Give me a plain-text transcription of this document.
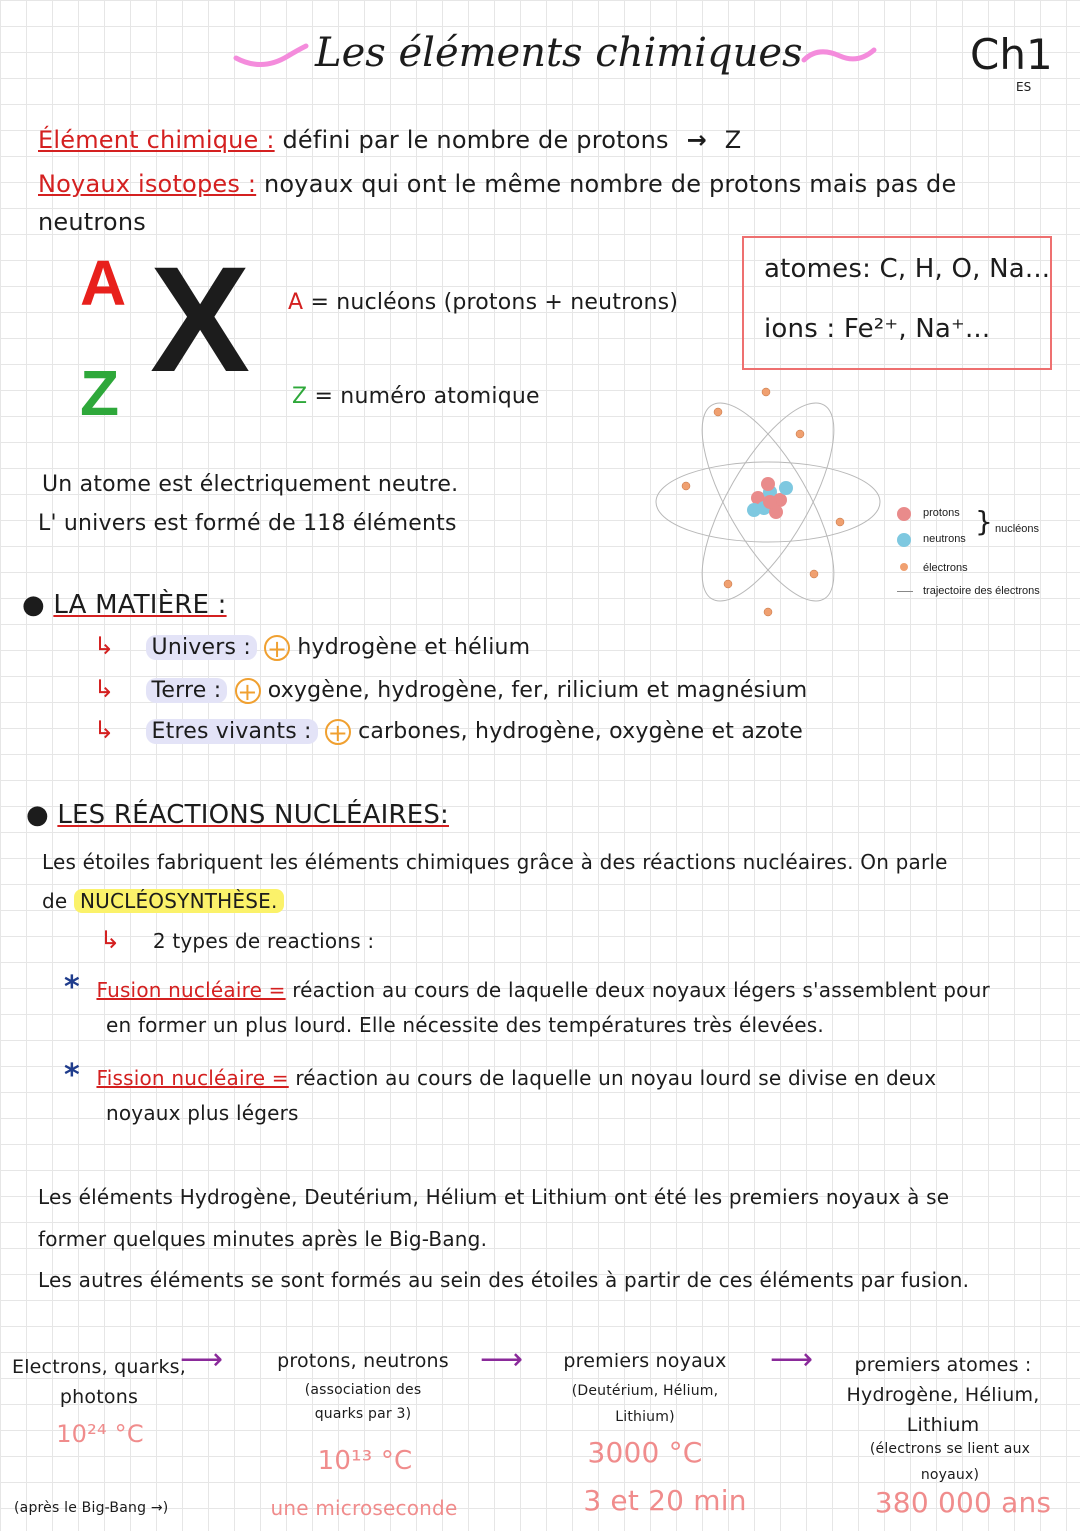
Les éléments chimiques	Ch1
ES
Élément chimique : défini par le nombre de protons → Z
Noyaux isotopes : noyaux qui ont le même nombre de protons mais pas de
neutrons
A X
Z
A = nucléons (protons + neutrons)
Z = numéro atomique
atomes: C, H, O, Na...
ions : Fe²⁺, Na⁺...
Un atome est électriquement neutre.
L' univers est formé de 118 éléments	protons
neutrons
} nucléons
électrons
trajectoire des électrons
● LA MATIÈRE :
↳ Univers : + hydrogène et hélium
↳ Terre : + oxygène, hydrogène, fer, rilicium et magnésium
↳ Etres vivants : + carbones, hydrogène, oxygène et azote
● LES RÉACTIONS NUCLÉAIRES:
Les étoiles fabriquent les éléments chimiques grâce à des réactions nucléaires. On parle
de NUCLÉOSYNTHÈSE.
↳ 2 types de reactions :
* Fusion nucléaire = réaction au cours de laquelle deux noyaux légers s'assemblent pour
en former un plus lourd. Elle nécessite des températures très élevées.
* Fission nucléaire = réaction au cours de laquelle un noyau lourd se divise en deux
noyaux plus légers
Les éléments Hydrogène, Deutérium, Hélium et Lithium ont été les premiers noyaux à se
former quelques minutes après le Big-Bang.
Les autres éléments se sont formés au sein des étoiles à partir de ces éléments par fusion.
Electrons, quarks, photons
10²⁴ °C
⟶	protons, neutrons
(association des quarks par 3)
10¹³ °C
une microseconde
⟶	premiers noyaux
(Deutérium, Hélium, Lithium)
3000 °C
3 et 20 min
⟶	premiers atomes : Hydrogène, Hélium, Lithium
(électrons se lient aux noyaux)
380 000 ans
(après le Big-Bang →)
